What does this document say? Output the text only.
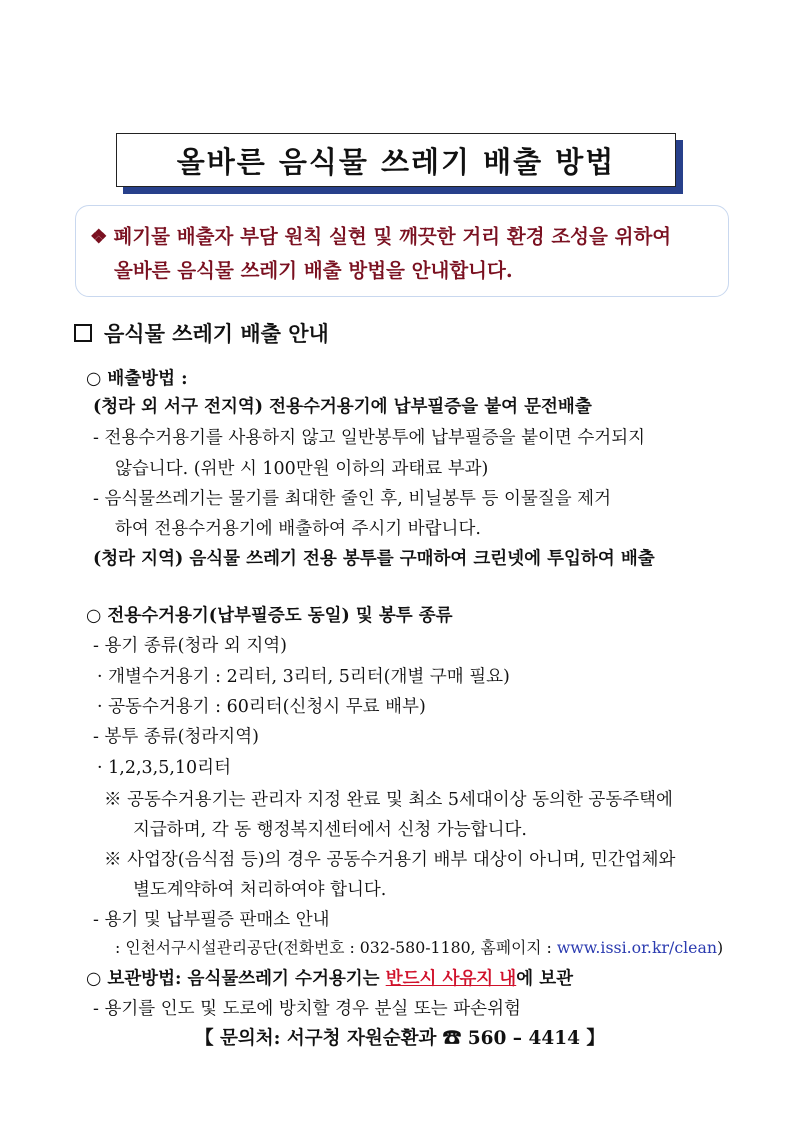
올바른 음식물 쓰레기 배출 방법
❖ 폐기물 배출자 부담 원칙 실현 및 깨끗한 거리 환경 조성을 위하여
올바른 음식물 쓰레기 배출 방법을 안내합니다.
음식물 쓰레기 배출 안내
○ 배출방법 :
(청라 외 서구 전지역) 전용수거용기에 납부필증을 붙여 문전배출
- 전용수거용기를 사용하지 않고 일반봉투에 납부필증을 붙이면 수거되지
않습니다. (위반 시 100만원 이하의 과태료 부과)
- 음식물쓰레기는 물기를 최대한 줄인 후, 비닐봉투 등 이물질을 제거
하여 전용수거용기에 배출하여 주시기 바랍니다.
(청라 지역) 음식물 쓰레기 전용 봉투를 구매하여 크린넷에 투입하여 배출
○ 전용수거용기(납부필증도 동일) 및 봉투 종류
- 용기 종류(청라 외 지역)
· 개별수거용기 : 2리터, 3리터, 5리터(개별 구매 필요)
· 공동수거용기 : 60리터(신청시 무료 배부)
- 봉투 종류(청라지역)
· 1,2,3,5,10리터
※ 공동수거용기는 관리자 지정 완료 및 최소 5세대이상 동의한 공동주택에
지급하며, 각 동 행정복지센터에서 신청 가능합니다.
※ 사업장(음식점 등)의 경우 공동수거용기 배부 대상이 아니며, 민간업체와
별도계약하여 처리하여야 합니다.
- 용기 및 납부필증 판매소 안내
: 인천서구시설관리공단(전화번호 : 032-580-1180, 홈페이지 : www.issi.or.kr/clean)
○ 보관방법: 음식물쓰레기 수거용기는 반드시 사유지 내에 보관
- 용기를 인도 및 도로에 방치할 경우 분실 또는 파손위험
【 문의처: 서구청 자원순환과 ☎ 560 – 4414 】
